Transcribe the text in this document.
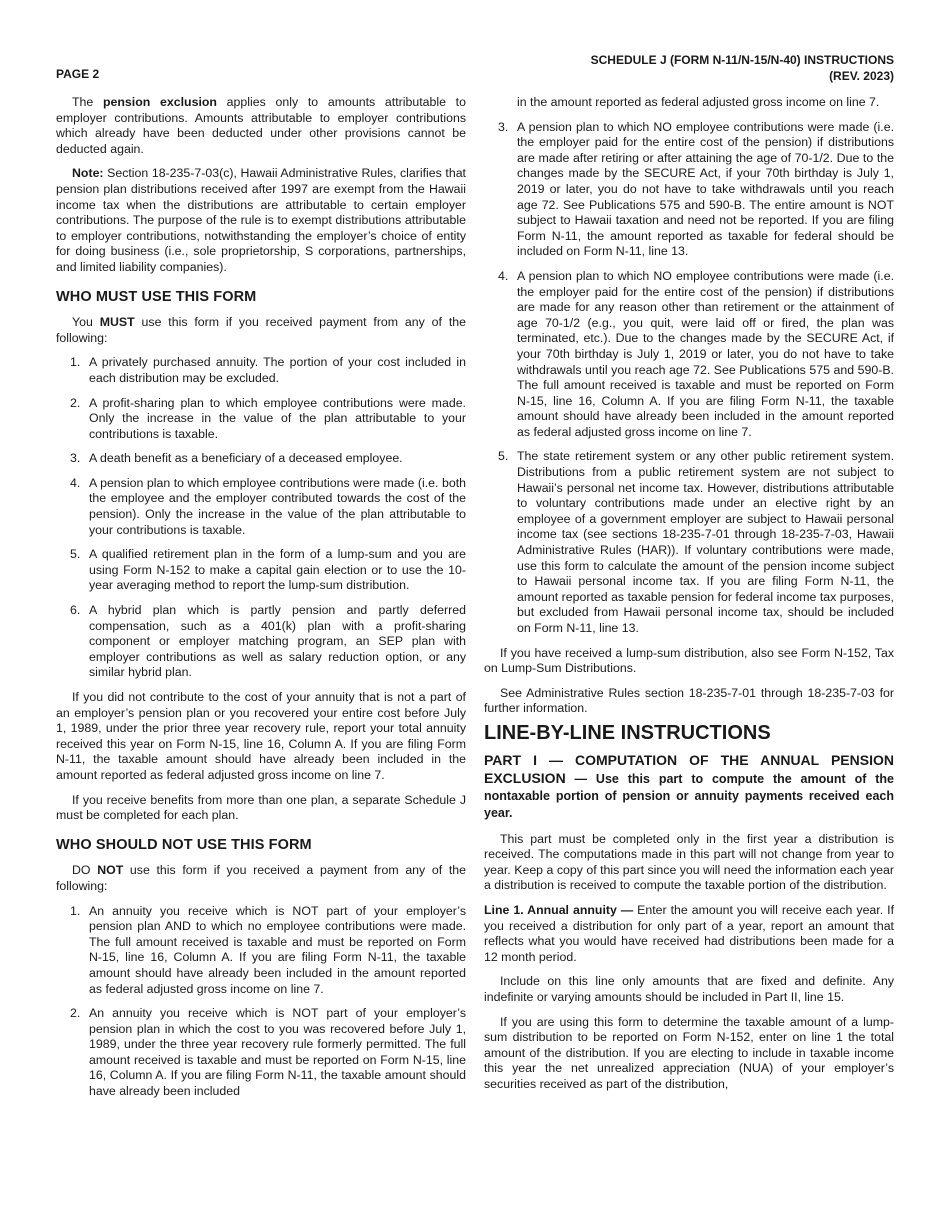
PAGE 2
SCHEDULE J (FORM N-11/N-15/N-40) INSTRUCTIONS
(REV. 2023)

The pension exclusion applies only to amounts attributable to employer contributions. Amounts attributable to employer contributions which already have been deducted under other provisions cannot be deducted again.

Note: Section 18-235-7-03(c), Hawaii Administrative Rules, clarifies that pension plan distributions received after 1997 are exempt from the Hawaii income tax when the distributions are attributable to certain employer contributions. The purpose of the rule is to exempt distributions attributable to employer contributions, notwithstanding the employer’s choice of entity for doing business (i.e., sole proprietorship, S corporations, partnerships, and limited liability companies).

WHO MUST USE THIS FORM

You MUST use this form if you received payment from any of the following:

1. A privately purchased annuity. The portion of your cost included in each distribution may be excluded.
2. A profit-sharing plan to which employee contributions were made. Only the increase in the value of the plan attributable to your contributions is taxable.
3. A death benefit as a beneficiary of a deceased employee.
4. A pension plan to which employee contributions were made (i.e. both the employee and the employer contributed towards the cost of the pension). Only the increase in the value of the plan attributable to your contributions is taxable.
5. A qualified retirement plan in the form of a lump-sum and you are using Form N-152 to make a capital gain election or to use the 10-year averaging method to report the lump-sum distribution.
6. A hybrid plan which is partly pension and partly deferred compensation, such as a 401(k) plan with a profit-sharing component or employer matching program, an SEP plan with employer contributions as well as salary reduction option, or any similar hybrid plan.

If you did not contribute to the cost of your annuity that is not a part of an employer’s pension plan or you recovered your entire cost before July 1, 1989, under the prior three year recovery rule, report your total annuity received this year on Form N-15, line 16, Column A. If you are filing Form N-11, the taxable amount should have already been included in the amount reported as federal adjusted gross income on line 7.

If you receive benefits from more than one plan, a separate Schedule J must be completed for each plan.

WHO SHOULD NOT USE THIS FORM

DO NOT use this form if you received a payment from any of the following:

1. An annuity you receive which is NOT part of your employer’s pension plan AND to which no employee contributions were made. The full amount received is taxable and must be reported on Form N-15, line 16, Column A. If you are filing Form N-11, the taxable amount should have already been included in the amount reported as federal adjusted gross income on line 7.
2. An annuity you receive which is NOT part of your employer’s pension plan in which the cost to you was recovered before July 1, 1989, under the three year recovery rule formerly permitted. The full amount received is taxable and must be reported on Form N-15, line 16, Column A. If you are filing Form N-11, the taxable amount should have already been included

in the amount reported as federal adjusted gross income on line 7.

3. A pension plan to which NO employee contributions were made (i.e. the employer paid for the entire cost of the pension) if distributions are made after retiring or after attaining the age of 70-1/2. Due to the changes made by the SECURE Act, if your 70th birthday is July 1, 2019 or later, you do not have to take withdrawals until you reach age 72. See Publications 575 and 590-B. The entire amount is NOT subject to Hawaii taxation and need not be reported. If you are filing Form N-11, the amount reported as taxable for federal should be included on Form N-11, line 13.
4. A pension plan to which NO employee contributions were made (i.e. the employer paid for the entire cost of the pension) if distributions are made for any reason other than retirement or the attainment of age 70-1/2 (e.g., you quit, were laid off or fired, the plan was terminated, etc.). Due to the changes made by the SECURE Act, if your 70th birthday is July 1, 2019 or later, you do not have to take withdrawals until you reach age 72. See Publications 575 and 590-B. The full amount received is taxable and must be reported on Form N-15, line 16, Column A. If you are filing Form N-11, the taxable amount should have already been included in the amount reported as federal adjusted gross income on line 7.
5. The state retirement system or any other public retirement system. Distributions from a public retirement system are not subject to Hawaii’s personal net income tax. However, distributions attributable to voluntary contributions made under an elective right by an employee of a government employer are subject to Hawaii personal income tax (see sections 18-235-7-01 through 18-235-7-03, Hawaii Administrative Rules (HAR)). If voluntary contributions were made, use this form to calculate the amount of the pension income subject to Hawaii personal income tax. If you are filing Form N-11, the amount reported as taxable pension for federal income tax purposes, but excluded from Hawaii personal income tax, should be included on Form N-11, line 13.

If you have received a lump-sum distribution, also see Form N-152, Tax on Lump-Sum Distributions.

See Administrative Rules section 18-235-7-01 through 18-235-7-03 for further information.

LINE-BY-LINE INSTRUCTIONS

PART I — COMPUTATION OF THE ANNUAL PENSION EXCLUSION — Use this part to compute the amount of the nontaxable portion of pension or annuity payments received each year.

This part must be completed only in the first year a distribution is received. The computations made in this part will not change from year to year. Keep a copy of this part since you will need the information each year a distribution is received to compute the taxable portion of the distribution.

Line 1. Annual annuity — Enter the amount you will receive each year. If you received a distribution for only part of a year, report an amount that reflects what you would have received had distributions been made for a 12 month period.

Include on this line only amounts that are fixed and definite. Any indefinite or varying amounts should be included in Part II, line 15.

If you are using this form to determine the taxable amount of a lump-sum distribution to be reported on Form N-152, enter on line 1 the total amount of the distribution. If you are electing to include in taxable income this year the net unrealized appreciation (NUA) of your employer’s securities received as part of the distribution,
